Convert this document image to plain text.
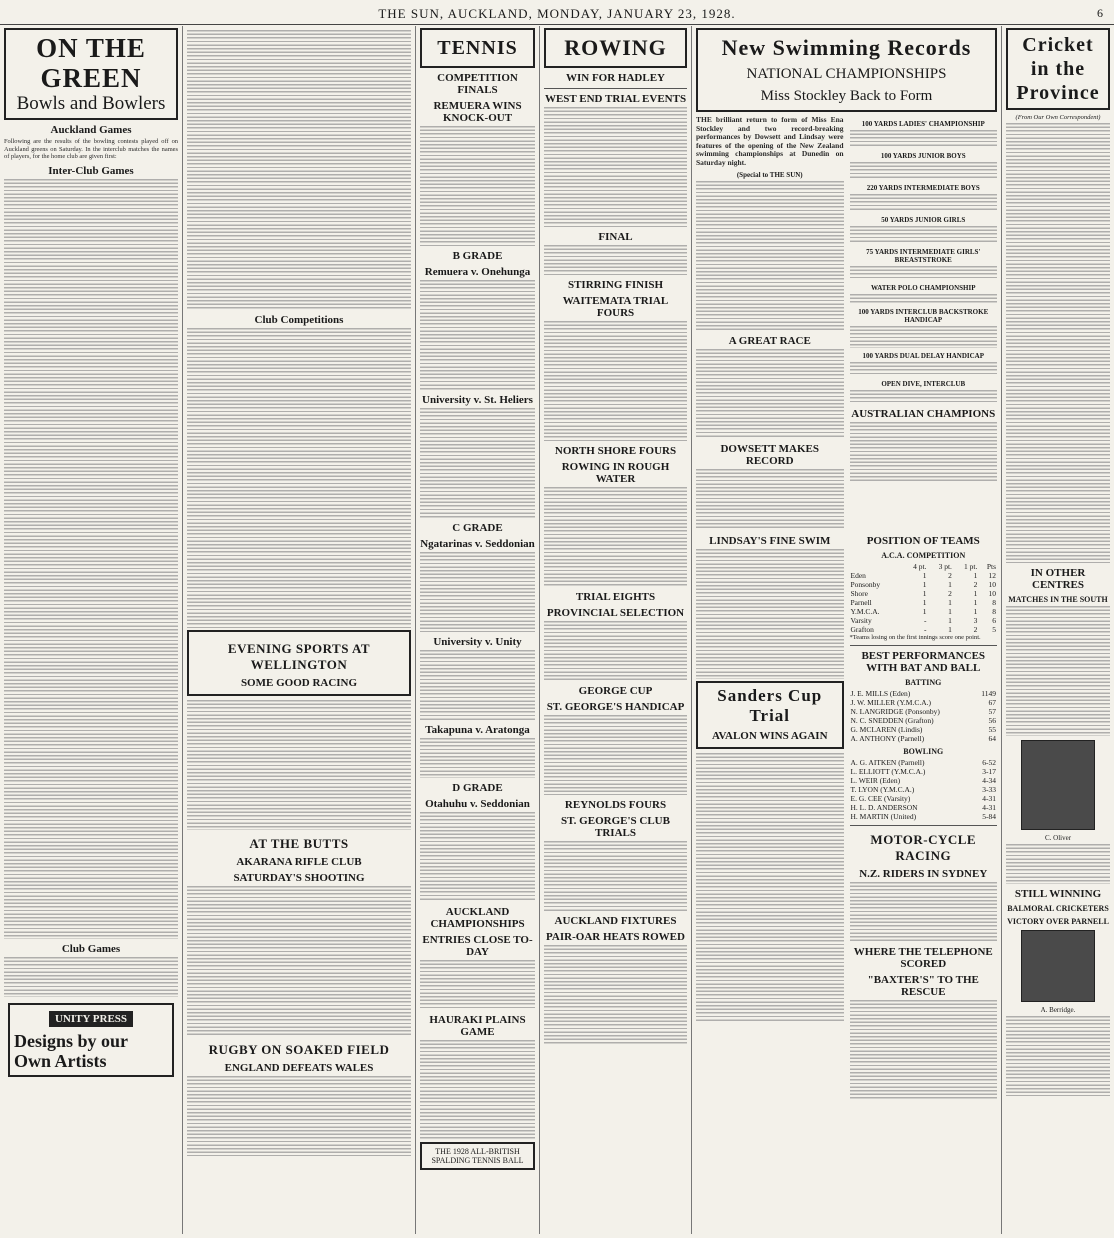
THE SUN, AUCKLAND, MONDAY, JANUARY 23, 1928.	6
ON THE GREEN
Bowls and Bowlers
Auckland Games
Following are the results of the bowling contests played off on Auckland greens on Saturday. In the interclub matches the names of players, for the home club are given first:
Inter-Club Games
Club Games
UNITY PRESS
Designs by our Own Artists
Club Competitions
EVENING SPORTS AT WELLINGTON
SOME GOOD RACING
AT THE BUTTS
AKARANA RIFLE CLUB
SATURDAY'S SHOOTING
RUGBY ON SOAKED FIELD
ENGLAND DEFEATS WALES
TENNIS
COMPETITION FINALS
REMUERA WINS KNOCK-OUT
B GRADE
Remuera v. Onehunga
University v. St. Heliers
C GRADE
Ngatarinas v. Seddonian
University v. Unity
Takapuna v. Aratonga
D GRADE
Otahuhu v. Seddonian
AUCKLAND CHAMPIONSHIPS
ENTRIES CLOSE TO-DAY
HAURAKI PLAINS GAME
THE 1928 ALL-BRITISH SPALDING TENNIS BALL
ROWING
WIN FOR HADLEY
WEST END TRIAL EVENTS
FINAL
STIRRING FINISH
WAITEMATA TRIAL FOURS
NORTH SHORE FOURS
ROWING IN ROUGH WATER
TRIAL EIGHTS
PROVINCIAL SELECTION
GEORGE CUP
ST. GEORGE'S HANDICAP
REYNOLDS FOURS
ST. GEORGE'S CLUB TRIALS
AUCKLAND FIXTURES
PAIR-OAR HEATS ROWED
New Swimming Records
NATIONAL CHAMPIONSHIPS
Miss Stockley Back to Form
THE brilliant return to form of Miss Ena Stockley and two record-breaking performances by Dowsett and Lindsay were features of the opening of the New Zealand swimming championships at Dunedin on Saturday night.
(Special to THE SUN)
A GREAT RACE
DOWSETT MAKES RECORD
100 YARDS LADIES' CHAMPIONSHIP
100 YARDS JUNIOR BOYS
220 YARDS INTERMEDIATE BOYS
50 YARDS JUNIOR GIRLS
75 YARDS INTERMEDIATE GIRLS' BREASTSTROKE
WATER POLO CHAMPIONSHIP
100 YARDS INTERCLUB BACKSTROKE HANDICAP
100 YARDS DUAL DELAY HANDICAP
OPEN DIVE, INTERCLUB
AUSTRALIAN CHAMPIONS
LINDSAY'S FINE SWIM
Sanders Cup Trial
AVALON WINS AGAIN
POSITION OF TEAMS
A.C.A. COMPETITION
	4 pt.	3 pt.	1 pt.	Pts
Eden	1	2	1	12
Ponsonby	1	1	2	10
Shore	1	2	1	10
Parnell	1	1	1	8
Y.M.C.A.	1	1	1	8
Varsity	-	1	3	6
Grafton	-	1	2	5
*Teams losing on the first innings score one point.
BEST PERFORMANCES WITH BAT AND BALL
BATTING
J. E. MILLS (Eden)	1149
J. W. MILLER (Y.M.C.A.)	67
N. LANGRIDGE (Ponsonby)	57
N. C. SNEDDEN (Grafton)	56
G. MCLAREN (Lindis)	55
A. ANTHONY (Parnell)	64
BOWLING
A. G. AITKEN (Parnell)	6-52
L. ELLIOTT (Y.M.C.A.)	3-17
L. WEIR (Eden)	4-34
T. LYON (Y.M.C.A.)	3-33
E. G. CEE (Varsity)	4-31
H. L. D. ANDERSON	4-31
H. MARTIN (United)	5-84
MOTOR-CYCLE RACING
N.Z. RIDERS IN SYDNEY
WHERE THE TELEPHONE SCORED
"BAXTER'S" TO THE RESCUE
Cricket in the Province
(From Our Own Correspondent)
IN OTHER CENTRES
MATCHES IN THE SOUTH
C. Oliver
STILL WINNING
BALMORAL CRICKETERS
VICTORY OVER PARNELL
A. Berridge.
